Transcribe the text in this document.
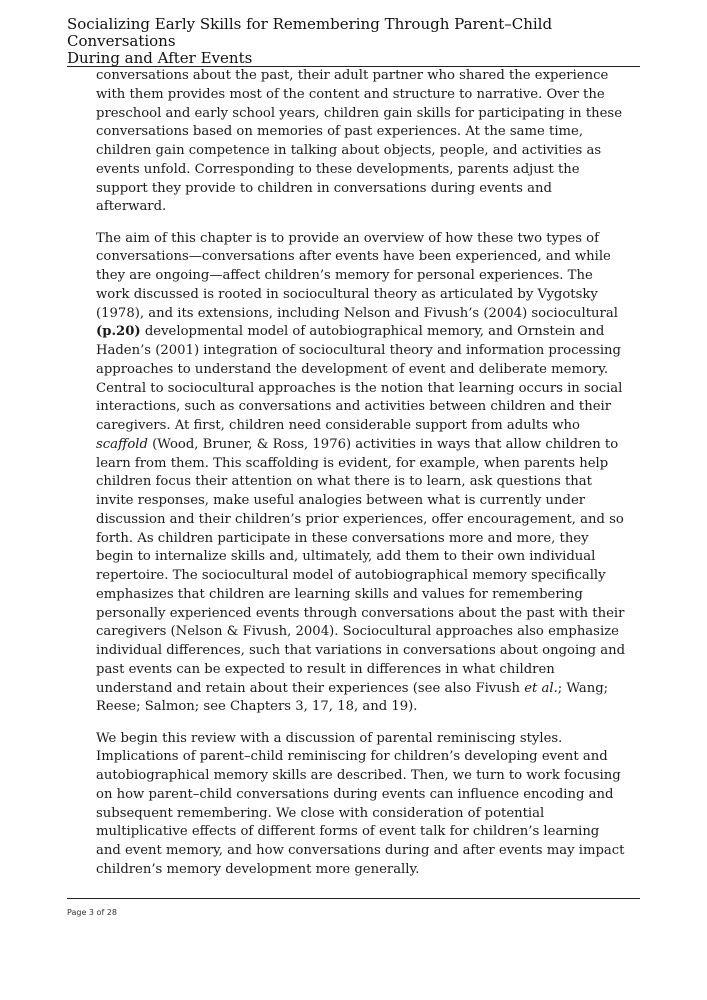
Socializing Early Skills for Remembering Through Parent–Child Conversations
During and After Events

conversations about the past, their adult partner who shared the experience with them provides most of the content and structure to narrative. Over the preschool and early school years, children gain skills for participating in these conversations based on memories of past experiences. At the same time, children gain competence in talking about objects, people, and activities as events unfold. Corresponding to these developments, parents adjust the support they provide to children in conversations during events and afterward.

The aim of this chapter is to provide an overview of how these two types of conversations—conversations after events have been experienced, and while they are ongoing—affect children’s memory for personal experiences. The work discussed is rooted in sociocultural theory as articulated by Vygotsky (1978), and its extensions, including Nelson and Fivush’s (2004) sociocultural (p.20) developmental model of autobiographical memory, and Ornstein and Haden’s (2001) integration of sociocultural theory and information processing approaches to understand the development of event and deliberate memory. Central to sociocultural approaches is the notion that learning occurs in social interactions, such as conversations and activities between children and their caregivers. At first, children need considerable support from adults who scaffold (Wood, Bruner, & Ross, 1976) activities in ways that allow children to learn from them. This scaffolding is evident, for example, when parents help children focus their attention on what there is to learn, ask questions that invite responses, make useful analogies between what is currently under discussion and their children’s prior experiences, offer encouragement, and so forth. As children participate in these conversations more and more, they begin to internalize skills and, ultimately, add them to their own individual repertoire. The sociocultural model of autobiographical memory specifically emphasizes that children are learning skills and values for remembering personally experienced events through conversations about the past with their caregivers (Nelson & Fivush, 2004). Sociocultural approaches also emphasize individual differences, such that variations in conversations about ongoing and past events can be expected to result in differences in what children understand and retain about their experiences (see also Fivush et al.; Wang; Reese; Salmon; see Chapters 3, 17, 18, and 19).

We begin this review with a discussion of parental reminiscing styles. Implications of parent–child reminiscing for children’s developing event and autobiographical memory skills are described. Then, we turn to work focusing on how parent–child conversations during events can influence encoding and subsequent remembering. We close with consideration of potential multiplicative effects of different forms of event talk for children’s learning and event memory, and how conversations during and after events may impact children’s memory development more generally.

Page 3 of 28
